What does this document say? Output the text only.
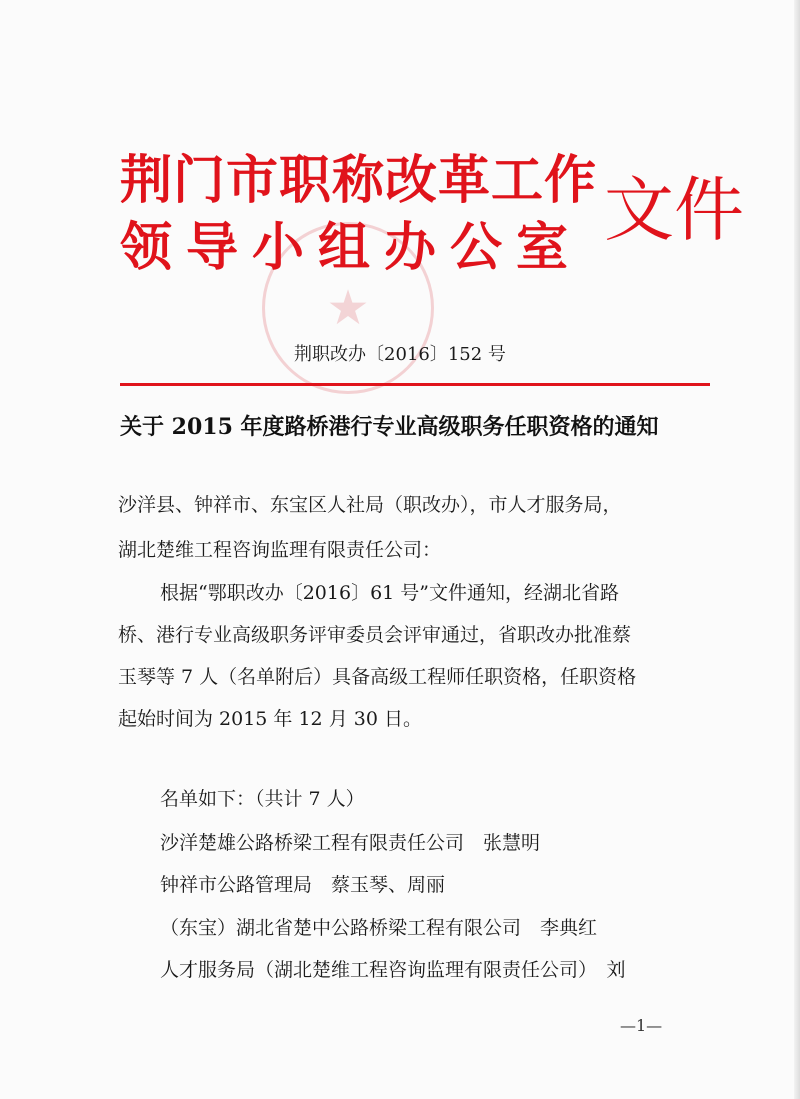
★
荆门市职称改革工作
领导小组办公室 文件
荆职改办〔2016〕152 号
关于 2015 年度路桥港行专业高级职务任职资格的通知
沙洋县、钟祥市、东宝区人社局（职改办），市人才服务局，
湖北楚维工程咨询监理有限责任公司：
根据“鄂职改办〔2016〕61 号”文件通知，经湖北省路
桥、港行专业高级职务评审委员会评审通过，省职改办批准蔡
玉琴等 7 人（名单附后）具备高级工程师任职资格，任职资格
起始时间为 2015 年 12 月 30 日。
名单如下：（共计 7 人）
沙洋楚雄公路桥梁工程有限责任公司　张慧明
钟祥市公路管理局　蔡玉琴、周丽
（东宝）湖北省楚中公路桥梁工程有限公司　李典红
人才服务局（湖北楚维工程咨询监理有限责任公司）　刘
—1—
